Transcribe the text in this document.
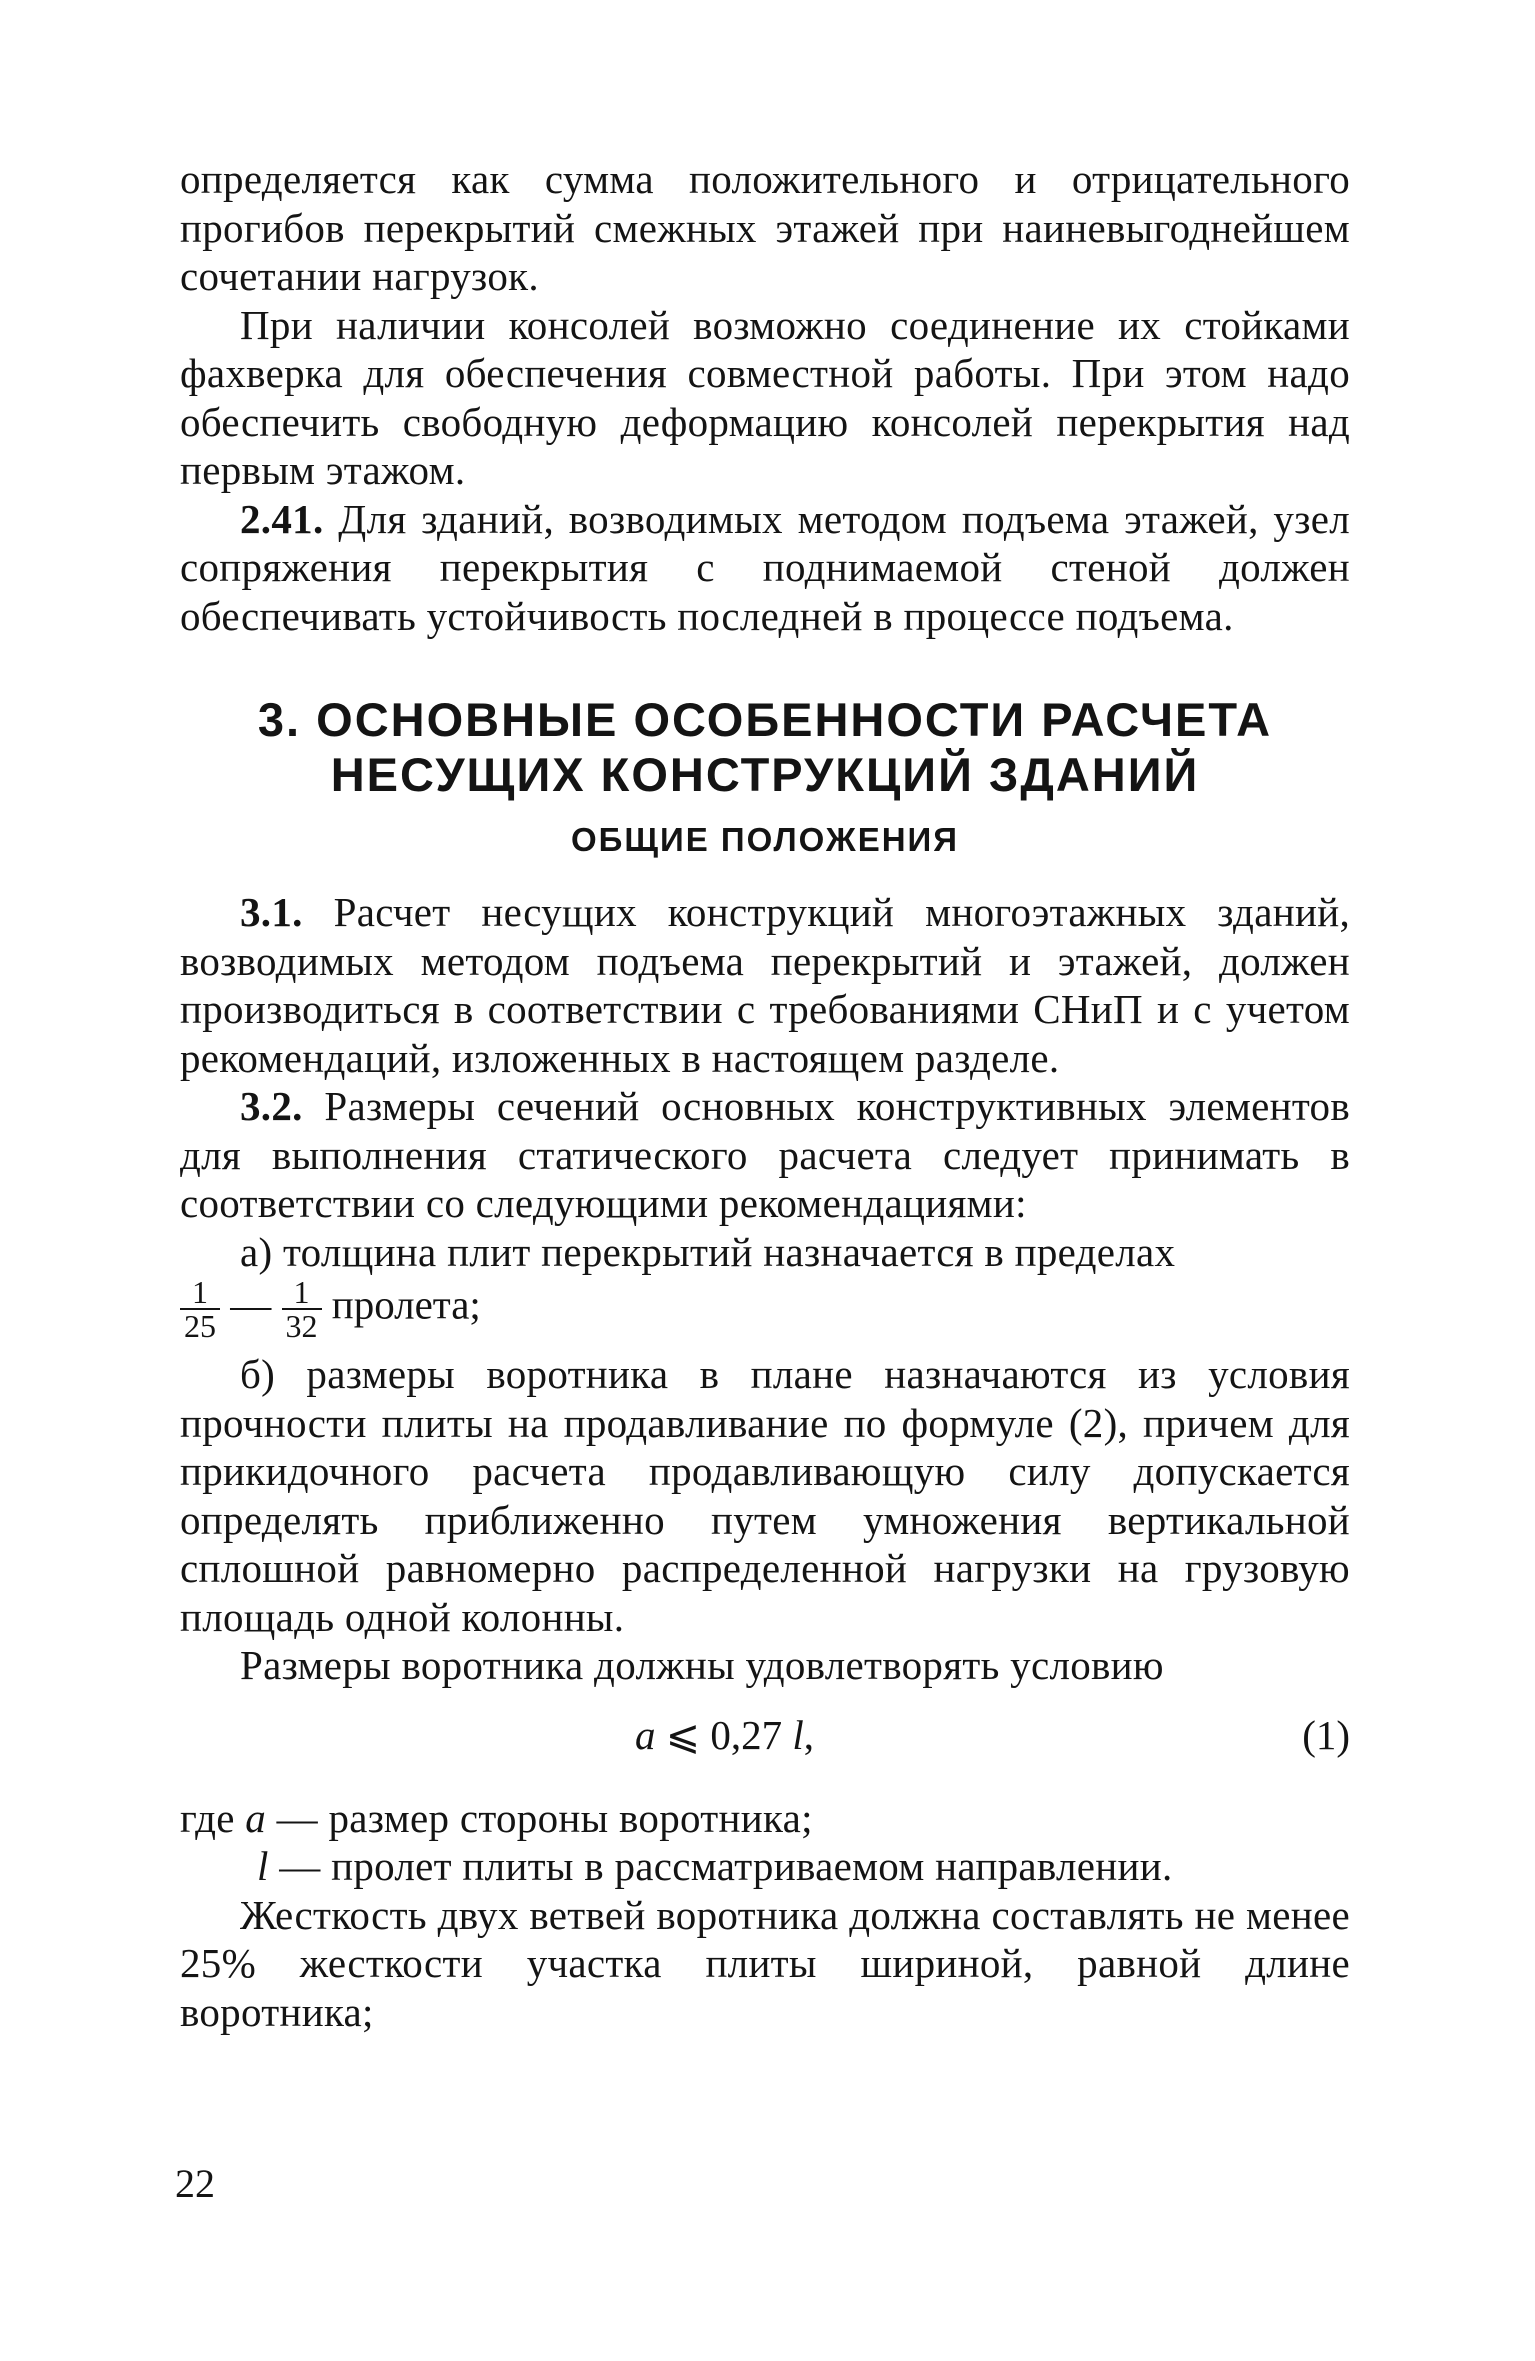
определяется как сумма положительного и отрицательного прогибов перекрытий смежных этажей при наиневыгоднейшем сочетании нагрузок.

При наличии консолей возможно соединение их стойками фахверка для обеспечения совместной работы. При этом надо обеспечить свободную деформацию консолей перекрытия над первым этажом.

2.41. Для зданий, возводимых методом подъема этажей, узел сопряжения перекрытия с поднимаемой стеной должен обеспечивать устойчивость последней в процессе подъема.

3. ОСНОВНЫЕ ОСОБЕННОСТИ РАСЧЕТА

НЕСУЩИХ КОНСТРУКЦИЙ ЗДАНИЙ

ОБЩИЕ ПОЛОЖЕНИЯ

3.1. Расчет несущих конструкций многоэтажных зданий, возводимых методом подъема перекрытий и этажей, должен производиться в соответствии с требованиями СНиП и с учетом рекомендаций, изложенных в настоящем разделе.

3.2. Размеры сечений основных конструктивных элементов для выполнения статического расчета следует принимать в соответствии со следующими рекомендациями:

а) толщина плит перекрытий назначается в пределах

$\frac{1}{25}$ — $\frac{1}{32}$ пролета;

б) размеры воротника в плане назначаются из условия прочности плиты на продавливание по формуле (2), причем для прикидочного расчета продавливающую силу допускается определять приближенно путем умножения вертикальной сплошной равномерно распределенной нагрузки на грузовую площадь одной колонны.

Размеры воротника должны удовлетворять условию

a ⩽ 0,27 l,	(1)

где a — размер стороны воротника;

l — пролет плиты в рассматриваемом направлении.

Жесткость двух ветвей воротника должна составлять не менее 25% жесткости участка плиты шириной, равной длине воротника;

22
